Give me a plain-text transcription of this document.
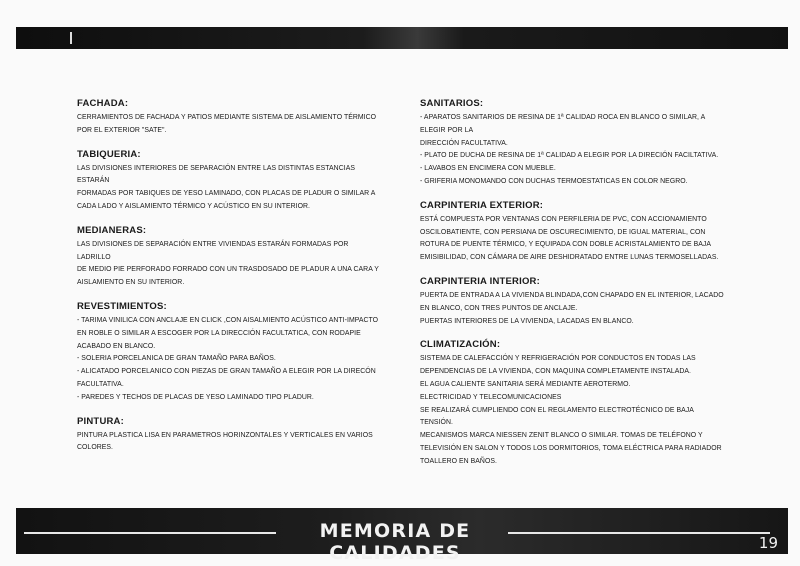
FACHADA:

CERRAMIENTOS DE FACHADA Y PATIOS MEDIANTE SISTEMA DE AISLAMIENTO TÉRMICO
POR EL EXTERIOR "SATE".

TABIQUERIA:

LAS DIVISIONES INTERIORES DE SEPARACIÓN ENTRE LAS DISTINTAS ESTANCIAS ESTARÁN
FORMADAS POR TABIQUES DE YESO LAMINADO, CON PLACAS DE PLADUR O SIMILAR A
CADA LADO Y AISLAMIENTO TÉRMICO Y ACÚSTICO EN SU INTERIOR.

MEDIANERAS:

LAS DIVISIONES DE SEPARACIÓN ENTRE VIVIENDAS ESTARÁN FORMADAS POR LADRILLO
DE MEDIO PIE PERFORADO FORRADO CON UN TRASDOSADO DE PLADUR A UNA CARA Y
AISLAMIENTO EN SU INTERIOR.

REVESTIMIENTOS:

- TARIMA VINILICA CON ANCLAJE EN CLICK ,CON AISALMIENTO ACÚSTICO ANTI-IMPACTO
EN ROBLE O SIMILAR A ESCOGER POR LA DIRECCIÓN FACULTATICA, CON RODAPIE
ACABADO EN BLANCO.
- SOLERIA PORCELANICA DE GRAN TAMAÑO PARA BAÑOS.
- ALICATADO PORCELANICO CON PIEZAS DE GRAN TAMAÑO A ELEGIR POR LA DIRECÓN
FACULTATIVA.
- PAREDES Y TECHOS DE PLACAS DE YESO LAMINADO TIPO PLADUR.

PINTURA:

PINTURA PLASTICA LISA EN PARAMETROS HORINZONTALES Y VERTICALES EN VARIOS
COLORES.

SANITARIOS:

- APARATOS SANITARIOS DE RESINA DE 1ª CALIDAD ROCA EN BLANCO O SIMILAR, A ELEGIR POR LA
DIRECCIÓN FACULTATIVA.
- PLATO DE DUCHA DE RESINA DE 1ª CALIDAD A ELEGIR POR LA DIRECIÓN FACILTATIVA.
- LAVABOS EN ENCIMERA CON MUEBLE.
- GRIFERIA MONOMANDO CON DUCHAS TERMOESTATICAS EN COLOR NEGRO.

CARPINTERIA EXTERIOR:

ESTÁ COMPUESTA POR VENTANAS CON PERFILERIA DE PVC, CON ACCIONAMIENTO
OSCILOBATIENTE, CON PERSIANA DE OSCURECIMIENTO, DE IGUAL MATERIAL, CON
ROTURA DE PUENTE TÉRMICO, Y EQUIPADA CON DOBLE ACRISTALAMIENTO DE BAJA
EMISIBILIDAD, CON CÁMARA DE AIRE DESHIDRATADO ENTRE LUNAS TERMOSELLADAS.

CARPINTERIA INTERIOR:

PUERTA DE ENTRADA A LA VIVIENDA BLINDADA,CON CHAPADO EN EL INTERIOR, LACADO
EN BLANCO, CON TRES PUNTOS DE ANCLAJE.
PUERTAS INTERIORES DE LA VIVIENDA, LACADAS EN BLANCO.

CLIMATIZACIÓN:

SISTEMA DE CALEFACCIÓN Y REFRIGERACIÓN POR CONDUCTOS EN TODAS LAS
DEPENDENCIAS DE LA VIVIENDA, CON MAQUINA COMPLETAMENTE INSTALADA.
EL AGUA CALIENTE SANITARIA SERÁ MEDIANTE AEROTERMO.
ELECTRICIDAD Y TELECOMUNICACIONES
SE REALIZARÁ CUMPLIENDO CON EL REGLAMENTO ELECTROTÉCNICO DE BAJA TENSIÓN.
MECANISMOS MARCA NIESSEN ZENIT BLANCO O SIMILAR. TOMAS DE TELÉFONO Y
TELEVISIÓN EN SALON Y TODOS LOS DORMITORIOS, TOMA ELÉCTRICA PARA RADIADOR
TOALLERO EN BAÑOS.

MEMORIA DE CALIDADES	19
